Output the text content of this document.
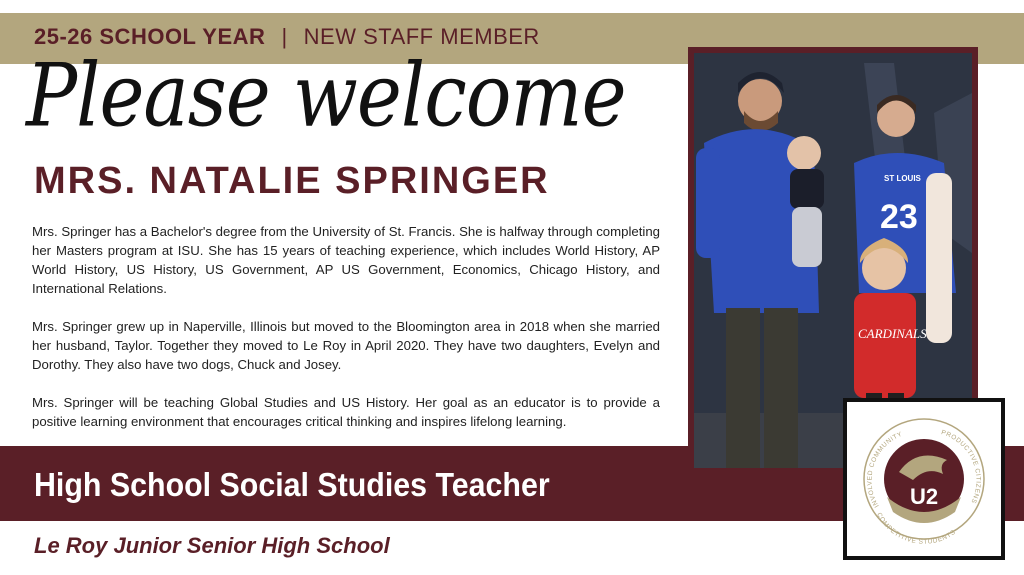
25-26 SCHOOL YEAR | NEW STAFF MEMBER
Please welcome
MRS. NATALIE SPRINGER

Mrs. Springer has a Bachelor's degree from the University of St. Francis. She is halfway through completing her Masters program at ISU. She has 15 years of teaching experience, which includes World History, AP World History, US History, US Government, AP US Government, Economics, Chicago History, and International Relations.

Mrs. Springer grew up in Naperville, Illinois but moved to the Bloomington area in 2018 when she married her husband, Taylor. Together they moved to Le Roy in April 2020. They have two daughters, Evelyn and Dorothy. They also have two dogs, Chuck and Josey.

Mrs. Springer will be teaching Global Studies and US History. Her goal as an educator is to provide a positive learning environment that encourages critical thinking and inspires lifelong learning.

High School Social Studies Teacher
Le Roy Junior Senior High School
23
ST LOUIS
CARDINALS
U2
INVOLVED COMMUNITY	PRODUCTIVE CITIZENS
COMPETITIVE STUDENTS
